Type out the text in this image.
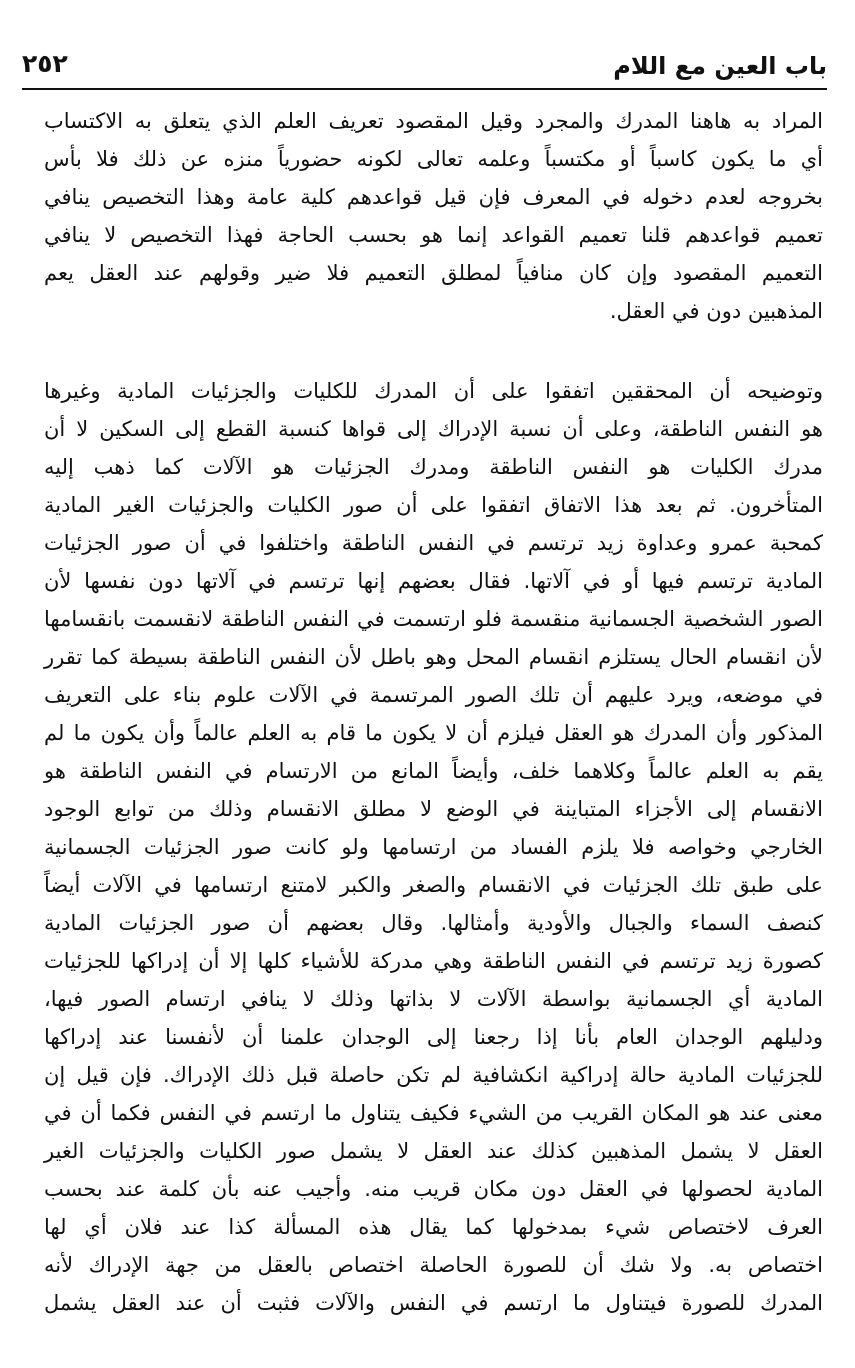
باب العين مع اللام
٢٥٢
المراد به هاهنا المدرك والمجرد وقيل المقصود تعريف العلم الذي يتعلق به الاكتساب
أي ما يكون كاسباً أو مكتسباً وعلمه تعالى لكونه حضورياً منزه عن ذلك فلا بأس
بخروجه لعدم دخوله في المعرف فإن قيل قواعدهم كلية عامة وهذا التخصيص ينافي
تعميم قواعدهم قلنا تعميم القواعد إنما هو بحسب الحاجة فهذا التخصيص لا ينافي
التعميم المقصود وإن كان منافياً لمطلق التعميم فلا ضير وقولهم عند العقل يعم
المذهبين دون في العقل.
وتوضيحه أن المحققين اتفقوا على أن المدرك للكليات والجزئيات المادية وغيرها
هو النفس الناطقة، وعلى أن نسبة الإدراك إلى قواها كنسبة القطع إلى السكين لا أن
مدرك الكليات هو النفس الناطقة ومدرك الجزئيات هو الآلات كما ذهب إليه
المتأخرون. ثم بعد هذا الاتفاق اتفقوا على أن صور الكليات والجزئيات الغير المادية
كمحبة عمرو وعداوة زيد ترتسم في النفس الناطقة واختلفوا في أن صور الجزئيات
المادية ترتسم فيها أو في آلاتها. فقال بعضهم إنها ترتسم في آلاتها دون نفسها لأن
الصور الشخصية الجسمانية منقسمة فلو ارتسمت في النفس الناطقة لانقسمت بانقسامها
لأن انقسام الحال يستلزم انقسام المحل وهو باطل لأن النفس الناطقة بسيطة كما تقرر
في موضعه، ويرد عليهم أن تلك الصور المرتسمة في الآلات علوم بناء على التعريف
المذكور وأن المدرك هو العقل فيلزم أن لا يكون ما قام به العلم عالماً وأن يكون ما لم
يقم به العلم عالماً وكلاهما خلف، وأيضاً المانع من الارتسام في النفس الناطقة هو
الانقسام إلى الأجزاء المتباينة في الوضع لا مطلق الانقسام وذلك من توابع الوجود
الخارجي وخواصه فلا يلزم الفساد من ارتسامها ولو كانت صور الجزئيات الجسمانية
على طبق تلك الجزئيات في الانقسام والصغر والكبر لامتنع ارتسامها في الآلات أيضاً
كنصف السماء والجبال والأودية وأمثالها. وقال بعضهم أن صور الجزئيات المادية
كصورة زيد ترتسم في النفس الناطقة وهي مدركة للأشياء كلها إلا أن إدراكها للجزئيات
المادية أي الجسمانية بواسطة الآلات لا بذاتها وذلك لا ينافي ارتسام الصور فيها،
ودليلهم الوجدان العام بأنا إذا رجعنا إلى الوجدان علمنا أن لأنفسنا عند إدراكها
للجزئيات المادية حالة إدراكية انكشافية لم تكن حاصلة قبل ذلك الإدراك. فإن قيل إن
معنى عند هو المكان القريب من الشيء فكيف يتناول ما ارتسم في النفس فكما أن في
العقل لا يشمل المذهبين كذلك عند العقل لا يشمل صور الكليات والجزئيات الغير
المادية لحصولها في العقل دون مكان قريب منه. وأجيب عنه بأن كلمة عند بحسب
العرف لاختصاص شيء بمدخولها كما يقال هذه المسألة كذا عند فلان أي لها
اختصاص به. ولا شك أن للصورة الحاصلة اختصاص بالعقل من جهة الإدراك لأنه
المدرك للصورة فيتناول ما ارتسم في النفس والآلات فثبت أن عند العقل يشمل
